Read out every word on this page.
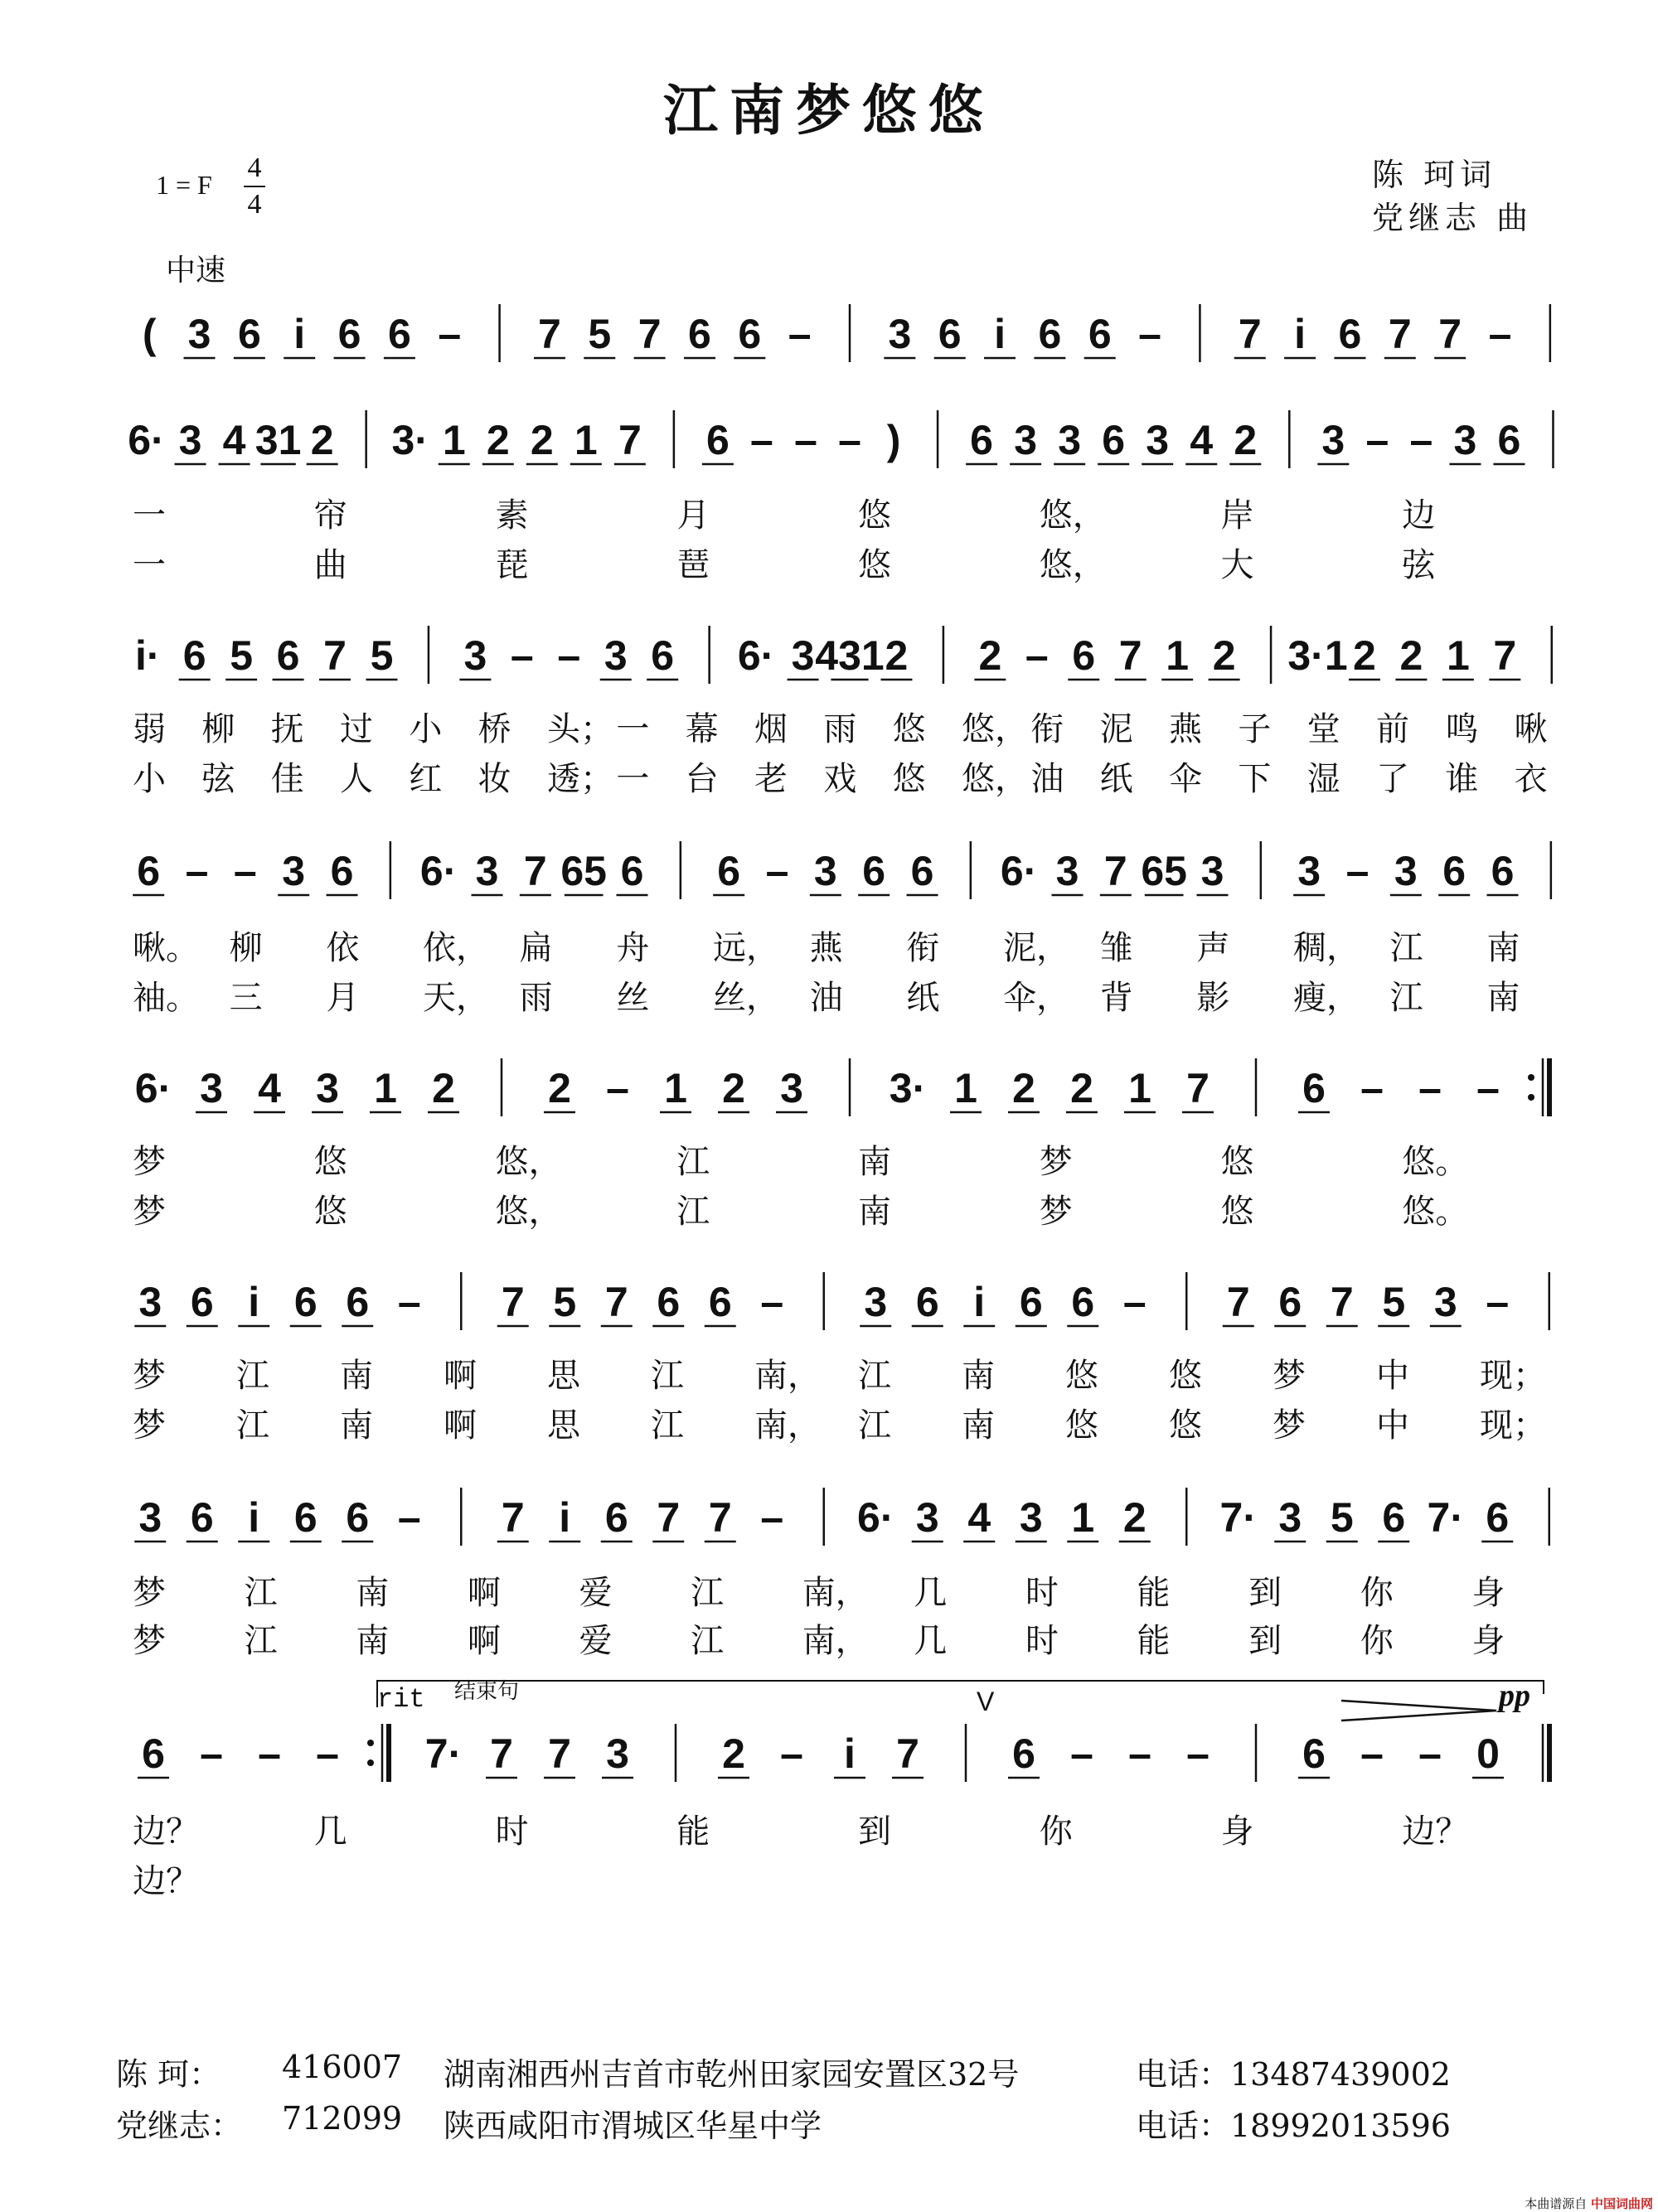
江南梦悠悠
1 = F
4
4
中速
陈 珂词
党继志 曲
( 3 6 i 6 6 – 7 5 7 6 6 – 3 6 i 6 6 – 7 i 6 7 7 –
6· 3 4 31 2 3· 1 2 2 1 7 6 – – – ) 6 3 3 6 3 4 2 3 – – 3 6
i· 6 5 6 7 5 3 – – 3 6 6· 3 431 2 2 – 6 7 1 2 3·1 2 2 1 7
6 – – 3 6 6· 3 7 65 6 6 – 3 6 6 6· 3 7 65 3 3 – 3 6 6
6· 3 4 3 1 2 2 – 1 2 3 3· 1 2 2 1 7 6 – – –
3 6 i 6 6 – 7 5 7 6 6 – 3 6 i 6 6 – 7 6 7 5 3 –
3 6 i 6 6 – 7 i 6 7 7 – 6· 3 4 3 1 2 7· 3 5 6 7· 6
6 – – – 7· 7 7 3 2 – i 7 6 – – – 6 – – 0
一	帘	素	月	悠	悠，	岸	边
一	曲	琵	琶	悠	悠，	大	弦
弱 柳 抚 过 小 桥 头； 一 幕 烟 雨 悠 悠， 衔 泥 燕 子 堂 前 鸣 啾
小 弦 佳 人 红 妆 透； 一 台 老 戏 悠 悠， 油 纸 伞 下 湿 了 谁 衣
啾。 柳 依 依， 扁 舟 远， 燕 衔 泥， 雏 声 稠， 江 南
袖。 三 月 天， 雨 丝 丝， 油 纸 伞， 背 影 瘦， 江 南
梦	悠	悠，	江	南	梦	悠	悠。
梦	悠	悠，	江	南	梦	悠	悠。
梦 江 南 啊 思 江 南， 江 南 悠 悠 梦 中 现；
梦 江 南 啊 思 江 南， 江 南 悠 悠 梦 中 现；
梦 江 南 啊 爱 江 南， 几 时 能 到 你 身
梦 江 南 啊 爱 江 南， 几 时 能 到 你 身
边？	几	时	能	到	你	身	边？
边？
rit 结束句	pp
V
陈 珂： 416007 湖南湘西州吉首市乾州田家园安置区32号	电话：13487439002
党继志： 712099 陕西咸阳市渭城区华星中学	电话：18992013596
本曲谱源自 中国词曲网
